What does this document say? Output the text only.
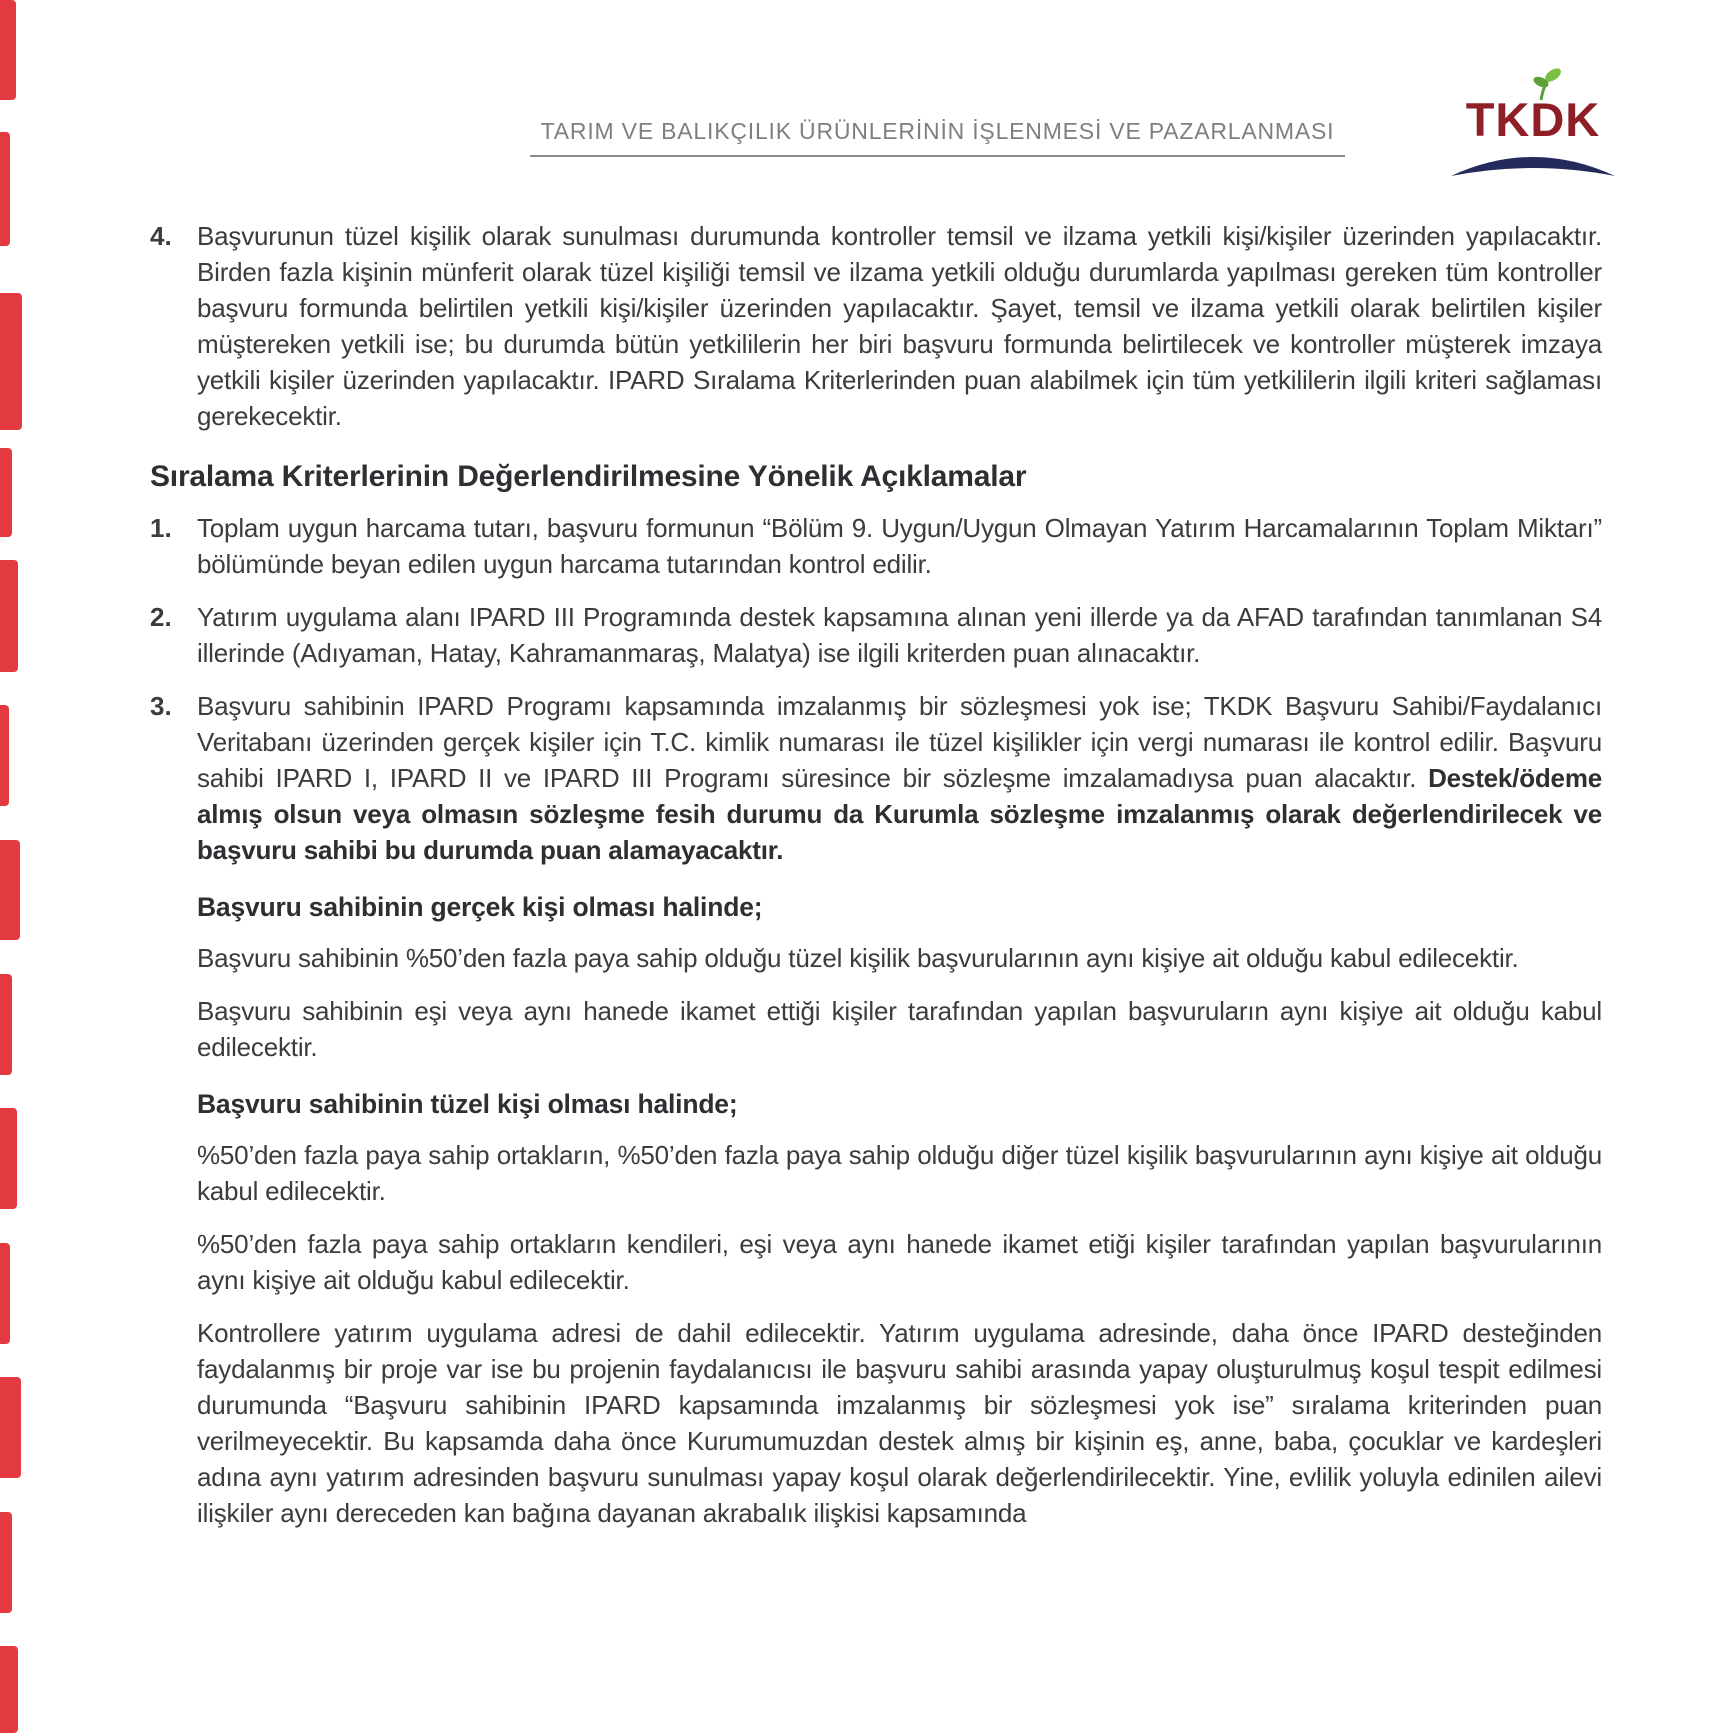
TARIM VE BALIKÇILIK ÜRÜNLERİNİN İŞLENMESİ VE PAZARLANMASI	TKDK
4. Başvurunun tüzel kişilik olarak sunulması durumunda kontroller temsil ve ilzama yetkili kişi/kişiler üzerinden yapılacaktır. Birden fazla kişinin münferit olarak tüzel kişiliği temsil ve ilzama yetkili olduğu durumlarda yapılması gereken tüm kontroller başvuru formunda belirtilen yetkili kişi/kişiler üzerinden yapılacaktır. Şayet, temsil ve ilzama yetkili olarak belirtilen kişiler müştereken yetkili ise; bu durumda bütün yetkililerin her biri başvuru formunda belirtilecek ve kontroller müşterek imzaya yetkili kişiler üzerinden yapılacaktır. IPARD Sıralama Kriterlerinden puan alabilmek için tüm yetkililerin ilgili kriteri sağlaması gerekecektir.

Sıralama Kriterlerinin Değerlendirilmesine Yönelik Açıklamalar
1. Toplam uygun harcama tutarı, başvuru formunun “Bölüm 9. Uygun/Uygun Olmayan Yatırım Harcamalarının Toplam Miktarı” bölümünde beyan edilen uygun harcama tutarından kontrol edilir.

2. Yatırım uygulama alanı IPARD III Programında destek kapsamına alınan yeni illerde ya da AFAD tarafından tanımlanan S4 illerinde (Adıyaman, Hatay, Kahramanmaraş, Malatya) ise ilgili kriterden puan alınacaktır.

3. Başvuru sahibinin IPARD Programı kapsamında imzalanmış bir sözleşmesi yok ise; TKDK Başvuru Sahibi/Faydalanıcı Veritabanı üzerinden gerçek kişiler için T.C. kimlik numarası ile tüzel kişilikler için vergi numarası ile kontrol edilir. Başvuru sahibi IPARD I, IPARD II ve IPARD III Programı süresince bir sözleşme imzalamadıysa puan alacaktır. Destek/ödeme almış olsun veya olmasın sözleşme fesih durumu da Kurumla sözleşme imzalanmış olarak değerlendirilecek ve başvuru sahibi bu durumda puan alamayacaktır.

Başvuru sahibinin gerçek kişi olması halinde;

Başvuru sahibinin %50’den fazla paya sahip olduğu tüzel kişilik başvurularının aynı kişiye ait olduğu kabul edilecektir.

Başvuru sahibinin eşi veya aynı hanede ikamet ettiği kişiler tarafından yapılan başvuruların aynı kişiye ait olduğu kabul edilecektir.

Başvuru sahibinin tüzel kişi olması halinde;

%50’den fazla paya sahip ortakların, %50’den fazla paya sahip olduğu diğer tüzel kişilik başvurularının aynı kişiye ait olduğu kabul edilecektir.

%50’den fazla paya sahip ortakların kendileri, eşi veya aynı hanede ikamet etiği kişiler tarafından yapılan başvurularının aynı kişiye ait olduğu kabul edilecektir.

Kontrollere yatırım uygulama adresi de dahil edilecektir. Yatırım uygulama adresinde, daha önce IPARD desteğinden faydalanmış bir proje var ise bu projenin faydalanıcısı ile başvuru sahibi arasında yapay oluşturulmuş koşul tespit edilmesi durumunda “Başvuru sahibinin IPARD kapsamında imzalanmış bir sözleşmesi yok ise” sıralama kriterinden puan verilmeyecektir. Bu kapsamda daha önce Kurumumuzdan destek almış bir kişinin eş, anne, baba, çocuklar ve kardeşleri adına aynı yatırım adresinden başvuru sunulması yapay koşul olarak değerlendirilecektir. Yine, evlilik yoluyla edinilen ailevi ilişkiler aynı dereceden kan bağına dayanan akrabalık ilişkisi kapsamında
